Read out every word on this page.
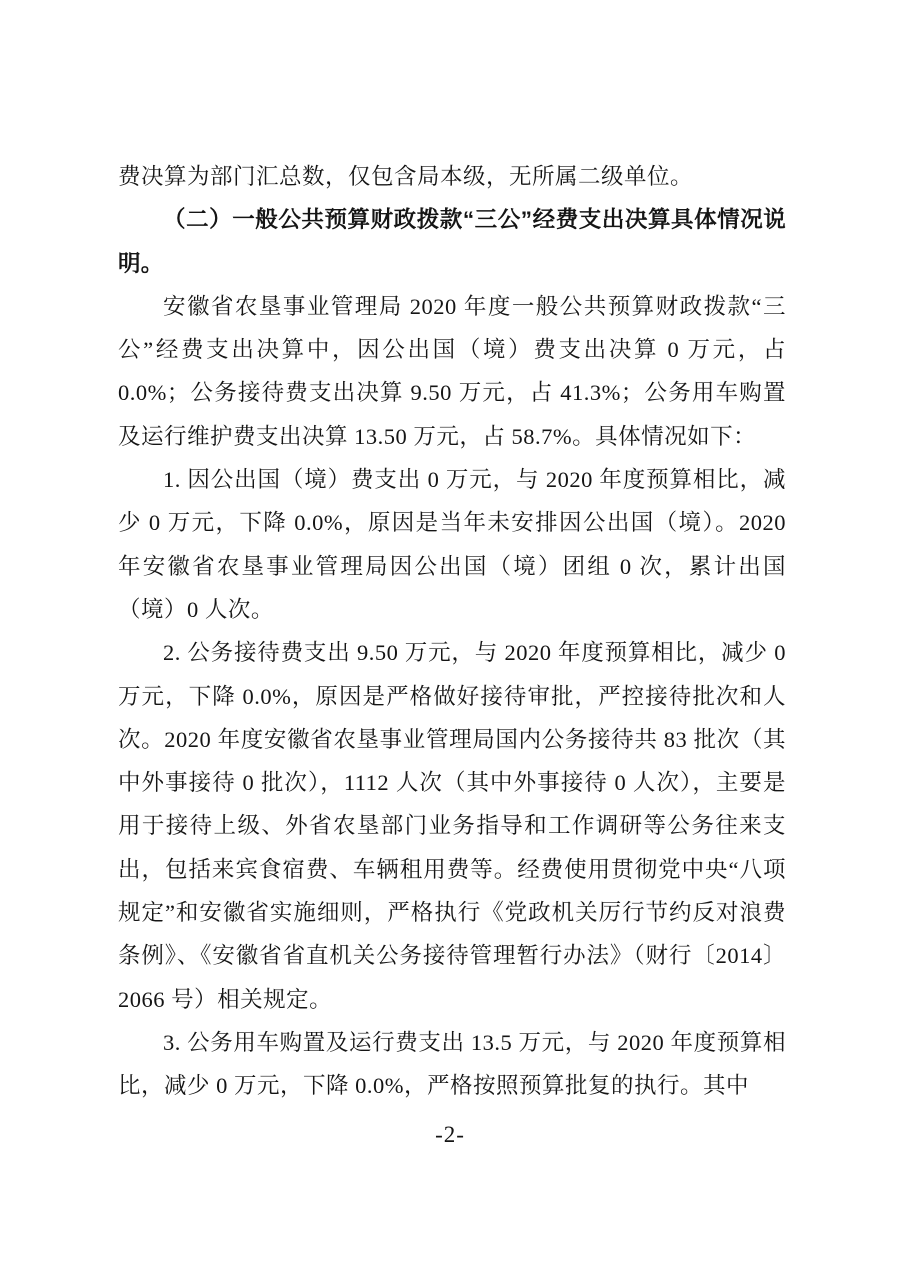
费决算为部门汇总数，仅包含局本级，无所属二级单位。

（二）一般公共预算财政拨款“三公”经费支出决算具体情况说明。

安徽省农垦事业管理局 2020 年度一般公共预算财政拨款“三公”经费支出决算中，因公出国（境）费支出决算 0 万元，占 0.0%；公务接待费支出决算 9.50 万元，占 41.3%；公务用车购置及运行维护费支出决算 13.50 万元，占 58.7%。具体情况如下：

1. 因公出国（境）费支出 0 万元，与 2020 年度预算相比，减少 0 万元，下降 0.0%，原因是当年未安排因公出国（境）。2020 年安徽省农垦事业管理局因公出国（境）团组 0 次，累计出国（境）0 人次。

2. 公务接待费支出 9.50 万元，与 2020 年度预算相比，减少 0 万元，下降 0.0%，原因是严格做好接待审批，严控接待批次和人次。2020 年度安徽省农垦事业管理局国内公务接待共 83 批次（其中外事接待 0 批次），1112 人次（其中外事接待 0 人次），主要是用于接待上级、外省农垦部门业务指导和工作调研等公务往来支出，包括来宾食宿费、车辆租用费等。经费使用贯彻党中央“八项规定”和安徽省实施细则，严格执行《党政机关厉行节约反对浪费条例》、《安徽省省直机关公务接待管理暂行办法》（财行〔2014〕2066 号）相关规定。

3. 公务用车购置及运行费支出 13.5 万元，与 2020 年度预算相比，减少 0 万元，下降 0.0%，严格按照预算批复的执行。其中

-2-
